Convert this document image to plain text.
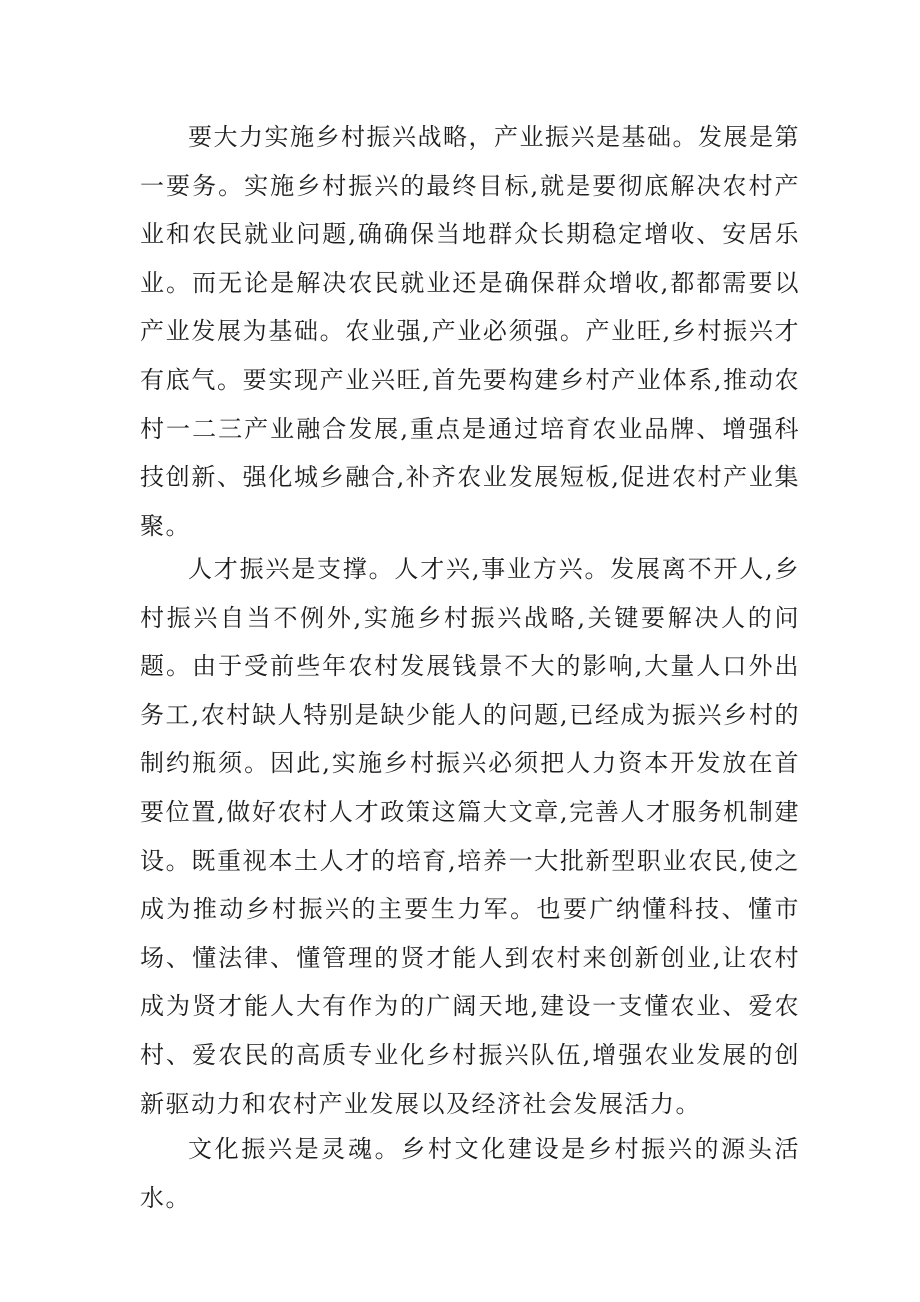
要大力实施乡村振兴战略，产业振兴是基础。发展是第一要务。实施乡村振兴的最终目标,就是要彻底解决农村产业和农民就业问题,确确保当地群众长期稳定增收、安居乐业。而无论是解决农民就业还是确保群众增收,都都需要以产业发展为基础。农业强,产业必须强。产业旺,乡村振兴才有底气。要实现产业兴旺,首先要构建乡村产业体系,推动农村一二三产业融合发展,重点是通过培育农业品牌、增强科技创新、强化城乡融合,补齐农业发展短板,促进农村产业集聚。

人才振兴是支撑。人才兴,事业方兴。发展离不开人,乡村振兴自当不例外,实施乡村振兴战略,关键要解决人的问题。由于受前些年农村发展钱景不大的影响,大量人口外出务工,农村缺人特别是缺少能人的问题,已经成为振兴乡村的制约瓶须。因此,实施乡村振兴必须把人力资本开发放在首要位置,做好农村人才政策这篇大文章,完善人才服务机制建设。既重视本土人才的培育,培养一大批新型职业农民,使之成为推动乡村振兴的主要生力军。也要广纳懂科技、懂市场、懂法律、懂管理的贤才能人到农村来创新创业,让农村成为贤才能人大有作为的广阔天地,建设一支懂农业、爱农村、爱农民的高质专业化乡村振兴队伍,增强农业发展的创新驱动力和农村产业发展以及经济社会发展活力。

文化振兴是灵魂。乡村文化建设是乡村振兴的源头活水。
